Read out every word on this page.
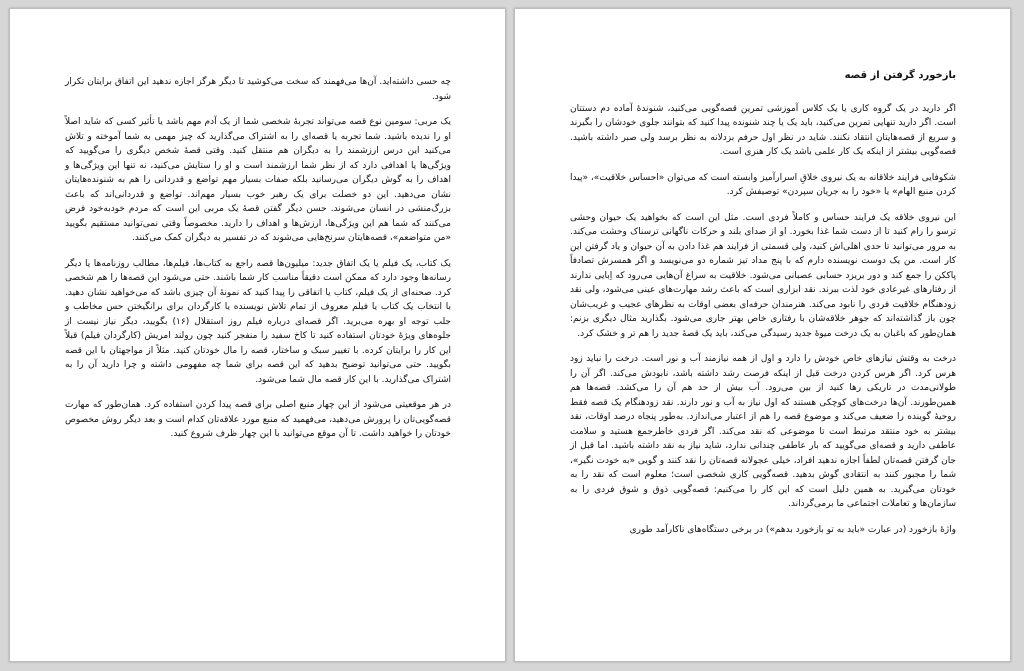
چه حسی داشته‌اید. آن‌ها می‌فهمند که سخت می‌کوشید تا دیگر هرگز اجازه ندهید این اتفاق برایتان تکرار شود.

یک مربی: سومین نوع قصه می‌تواند تجربهٔ شخصی شما از یک آدم مهم باشد یا تأثیر کسی که شاید اصلاً او را ندیده باشید. شما تجربه یا قصه‌ای را به اشتراک می‌گذارید که چیز مهمی به شما آموخته و تلاش می‌کنید این درس ارزشمند را به دیگران هم منتقل کنید. وقتی قصهٔ شخص دیگری را می‌گویید که ویژگی‌ها یا اهدافی دارد که از نظر شما ارزشمند است و او را ستایش می‌کنید، نه تنها این ویژگی‌ها و اهداف را به گوش دیگران می‌رسانید بلکه صفات بسیار مهم تواضع و قدردانی را هم به شنونده‌هایتان نشان می‌دهید. این دو خصلت برای یک رهبر خوب بسیار مهم‌اند. تواضع و قدردانی‌اند که باعث بزرگ‌منشی در انسان می‌شوند. حسن دیگر گفتن قصهٔ یک مربی این است که مردم خودبه‌خود فرض می‌کنند که شما هم این ویژگی‌ها، ارزش‌ها و اهداف را دارید. مخصوصاً وقتی نمی‌توانید مستقیم بگویید «من متواضعم»، قصه‌هایتان سرنخ‌هایی می‌شوند که در تفسیر به دیگران کمک می‌کنند.

یک کتاب، یک فیلم یا یک اتفاق جدید: میلیون‌ها قصه راجع به کتاب‌ها، فیلم‌ها، مطالب روزنامه‌ها یا دیگر رسانه‌ها وجود دارد که ممکن است دقیقاً مناسب کار شما باشند. حتی می‌شود این قصه‌ها را هم شخصی کرد. صحنه‌ای از یک فیلم، کتاب یا اتفاقی را پیدا کنید که نمونهٔ آن چیزی باشد که می‌خواهید نشان دهید. با انتخاب یک کتاب یا فیلم معروف از تمام تلاش نویسنده یا کارگردان برای برانگیختن حس مخاطب و جلب توجه او بهره می‌برید. اگر قصه‌ای درباره فیلم روز استقلال (۱۶) بگویید، دیگر نیاز نیست از جلوه‌های ویژهٔ خودتان استفاده کنید تا کاخ سفید را منفجر کنید چون رولند امریش (کارگردان فیلم) قبلاً این کار را برایتان کرده. با تغییر سبک و ساختار، قصه را مال خودتان کنید. مثلاً از مواجهتان با این قصه بگویید. حتی می‌توانید توضیح بدهید که این قصه برای شما چه مفهومی داشته و چرا دارید آن را به اشتراک می‌گذارید. با این کار قصه مال شما می‌شود.

در هر موقعیتی می‌شود از این چهار منبع اصلی برای قصه پیدا کردن استفاده کرد. همان‌طور که مهارت قصه‌گویی‌تان را پرورش می‌دهید، می‌فهمید که منبع مورد علاقه‌تان کدام است و بعد دیگر روش مخصوص خودتان را خواهید داشت. تا آن موقع می‌توانید با این چهار ظرف شروع کنید.

بازخورد گرفتن از قصه

اگر دارید در یک گروه کاری یا یک کلاس آموزشی تمرین قصه‌گویی می‌کنید، شنوندهٔ آماده دم دستتان است. اگر دارید تنهایی تمرین می‌کنید، باید یک یا چند شنونده پیدا کنید که بتوانند جلوی خودشان را بگیرند و سریع از قصه‌هایتان انتقاد نکنند. شاید در نظر اول حرفم بزدلانه به نظر برسد ولی صبر داشته باشید. قصه‌گویی بیشتر از اینکه یک کار علمی باشد یک کار هنری است.

شکوفایی فرایند خلاقانه به یک نیروی خلاقِ اسرارآمیز وابسته است که می‌توان «احساس خلاقیت»، «پیدا کردن منبع الهام» یا «خود را به جریان سپردن» توصیفش کرد.

این نیروی خلاقه یک فرایند حساس و کاملاً فردی است. مثل این است که بخواهید یک حیوان وحشی ترسو را رام کنید تا از دست شما غذا بخورد. او از صدای بلند و حرکات ناگهانی ترسناک وحشت می‌کند. به مرور می‌توانید تا حدی اهلی‌اش کنید، ولی قسمتی از فرایند هم غذا دادن به آن حیوان و یاد گرفتن این کار است. من یک دوست نویسنده دارم که با پنج مداد تیز شماره دو می‌نویسد و اگر همسرش تصادفاً پاککن را جمع کند و دور بریزد حسابی عصبانی می‌شود. خلاقیت به سراغ آن‌هایی می‌رود که اِبایی ندارند از رفتارهای غیرعادی خود لذت ببرند. نقد ابزاری است که باعث رشد مهارت‌های عینی می‌شود، ولی نقد زودهنگام خلاقیت فردی را نابود می‌کند. هنرمندان حرفه‌ای بعضی اوقات به نظرهای عجیب و غریب‌شان چون باز گذاشته‌اند که جوهر خلاقه‌شان با رفتاری خاص بهتر جاری می‌شود. بگذارید مثال دیگری بزنم: همان‌طور که باغبان به یک درخت میوهٔ جدید رسیدگی می‌کند، باید یک قصهٔ جدید را هم تر و خشک کرد.

درخت به وقتش نیازهای خاص خودش را دارد و اول از همه نیازمند آب و نور است. درخت را نباید زود هرس کرد. اگر هرس کردن درخت قبل از اینکه فرصت رشد داشته باشد، نابودش می‌کند. اگر آن را طولانی‌مدت در تاریکی رها کنید از بین می‌رود. آب بیش از حد هم آن را می‌کشد. قصه‌ها هم همین‌طورند. آن‌ها درخت‌های کوچکی هستند که اول نیاز به آب و نور دارند. نقد زودهنگام یک قصه فقط روحیهٔ گوینده را ضعیف می‌کند و موضوع قصه را هم از اعتبار می‌اندازد. به‌طور پنجاه درصد اوقات، نقد بیشتر به خود منتقد مرتبط است تا موضوعی که نقد می‌کند. اگر فردی خاطرجمع هستید و سلامت عاطفی دارید و قصه‌ای می‌گویید که بار عاطفی چندانی ندارد، شاید نیاز به نقد داشته باشید. اما قبل از جان گرفتن قصه‌تان لطفاً اجازه ندهید افراد، خیلی عجولانه قصه‌تان را نقد کنند و گویی «به خودت نگیر»، شما را مجبور کنند به انتقادی گوش بدهید. قصه‌گویی کاری شخصی است؛ معلوم است که نقد را به خودتان می‌گیرید. به همین دلیل است که این کار را می‌کنیم: قصه‌گویی ذوق و شوق فردی را به سازمان‌ها و تعاملات اجتماعی ما برمی‌گرداند.

واژهٔ بازخورد (در عبارت «باید به تو بازخورد بدهم») در برخی دستگاه‌های ناکارآمد طوری
